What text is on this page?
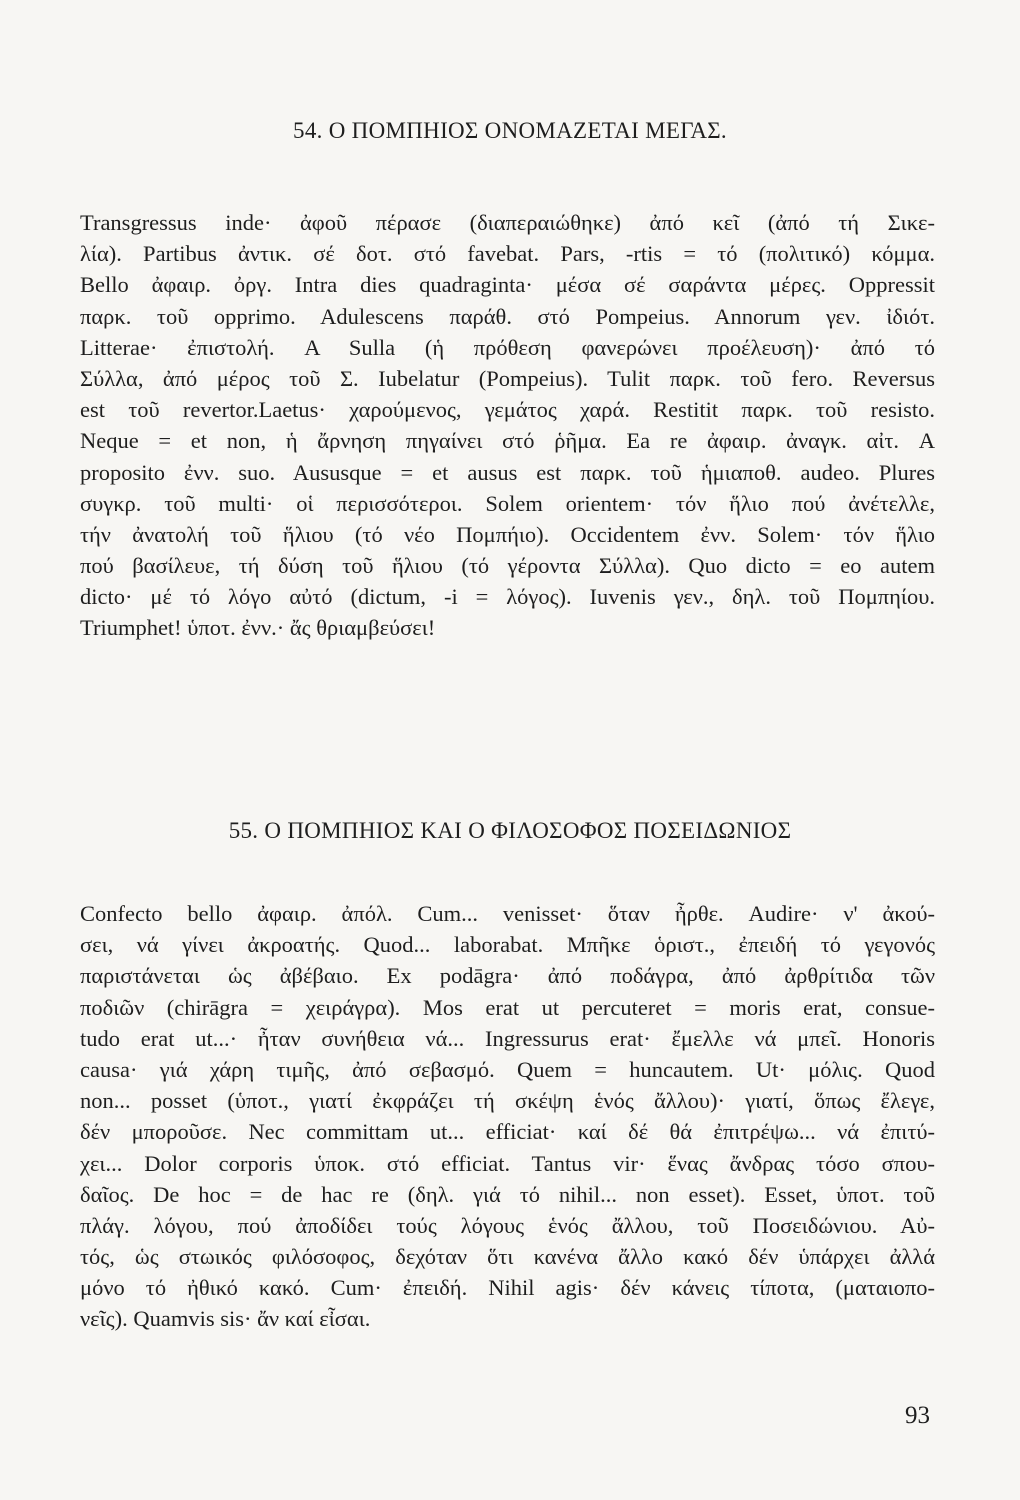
54. Ο ΠΟΜΠΗΙΟΣ ΟΝΟΜΑΖΕΤΑΙ ΜΕΓΑΣ.
Transgressus inde· ἀφοῦ πέρασε (διαπεραιώθηκε) ἀπό κεῖ (ἀπό τή Σικε-
λία). Partibus ἀντικ. σέ δοτ. στό favebat. Pars, -rtis = τό (πολιτικό) κόμμα.
Bello ἀφαιρ. ὀργ. Intra dies quadraginta· μέσα σέ σαράντα μέρες. Oppressit
παρκ. τοῦ opprimo. Adulescens παράθ. στό Pompeius. Annorum γεν. ἰδιότ.
Litterae· ἐπιστολή. A Sulla (ἡ πρόθεση φανερώνει προέλευση)· ἀπό τό
Σύλλα, ἀπό μέρος τοῦ Σ. Iubelatur (Pompeius). Tulit παρκ. τοῦ fero. Reversus
est τοῦ revertor.Laetus· χαρούμενος, γεμάτος χαρά. Restitit παρκ. τοῦ resisto.
Neque = et non, ἡ ἄρνηση πηγαίνει στό ῥῆμα. Ea re ἀφαιρ. ἀναγκ. αἰτ. A
proposito ἐνν. suo. Aususque = et ausus est παρκ. τοῦ ἡμιαποθ. audeo. Plures
συγκρ. τοῦ multi· οἱ περισσότεροι. Solem orientem· τόν ἥλιο πού ἀνέτελλε,
τήν ἀνατολή τοῦ ἥλιου (τό νέο Πομπήιο). Occidentem ἐνν. Solem· τόν ἥλιο
πού βασίλευε, τή δύση τοῦ ἥλιου (τό γέροντα Σύλλα). Quo dicto = eo autem
dicto· μέ τό λόγο αὐτό (dictum, -i = λόγος). Iuvenis γεν., δηλ. τοῦ Πομπηίου.
Triumphet! ὑποτ. ἐνν.· ἄς θριαμβεύσει!
55. Ο ΠΟΜΠΗΙΟΣ ΚΑΙ Ο ΦΙΛΟΣΟΦΟΣ ΠΟΣΕΙΔΩΝΙΟΣ
Confecto bello ἀφαιρ. ἀπόλ. Cum... venisset· ὅταν ἦρθε. Audire· ν' ἀκού-
σει, νά γίνει ἀκροατής. Quod... laborabat. Μπῆκε ὁριστ., ἐπειδή τό γεγονός
παριστάνεται ὡς ἀβέβαιο. Ex podāgra· ἀπό ποδάγρα, ἀπό ἀρθρίτιδα τῶν
ποδιῶν (chirāgra = χειράγρα). Mos erat ut percuteret = moris erat, consue-
tudo erat ut...· ἦταν συνήθεια νά... Ingressurus erat· ἔμελλε νά μπεῖ. Honoris
causa· γιά χάρη τιμῆς, ἀπό σεβασμό. Quem = huncautem. Ut· μόλις. Quod
non... posset (ὑποτ., γιατί ἐκφράζει τή σκέψη ἑνός ἄλλου)· γιατί, ὅπως ἔλεγε,
δέν μποροῦσε. Nec committam ut... efficiat· καί δέ θά ἐπιτρέψω... νά ἐπιτύ-
χει... Dolor corporis ὑποκ. στό efficiat. Tantus vir· ἕνας ἄνδρας τόσο σπου-
δαῖος. De hoc = de hac re (δηλ. γιά τό nihil... non esset). Esset, ὑποτ. τοῦ
πλάγ. λόγου, πού ἀποδίδει τούς λόγους ἑνός ἄλλου, τοῦ Ποσειδώνιου. Αὐ-
τός, ὡς στωικός φιλόσοφος, δεχόταν ὅτι κανένα ἄλλο κακό δέν ὑπάρχει ἀλλά
μόνο τό ἠθικό κακό. Cum· ἐπειδή. Nihil agis· δέν κάνεις τίποτα, (ματαιοπο-
νεῖς). Quamvis sis· ἄν καί εἶσαι.
93
